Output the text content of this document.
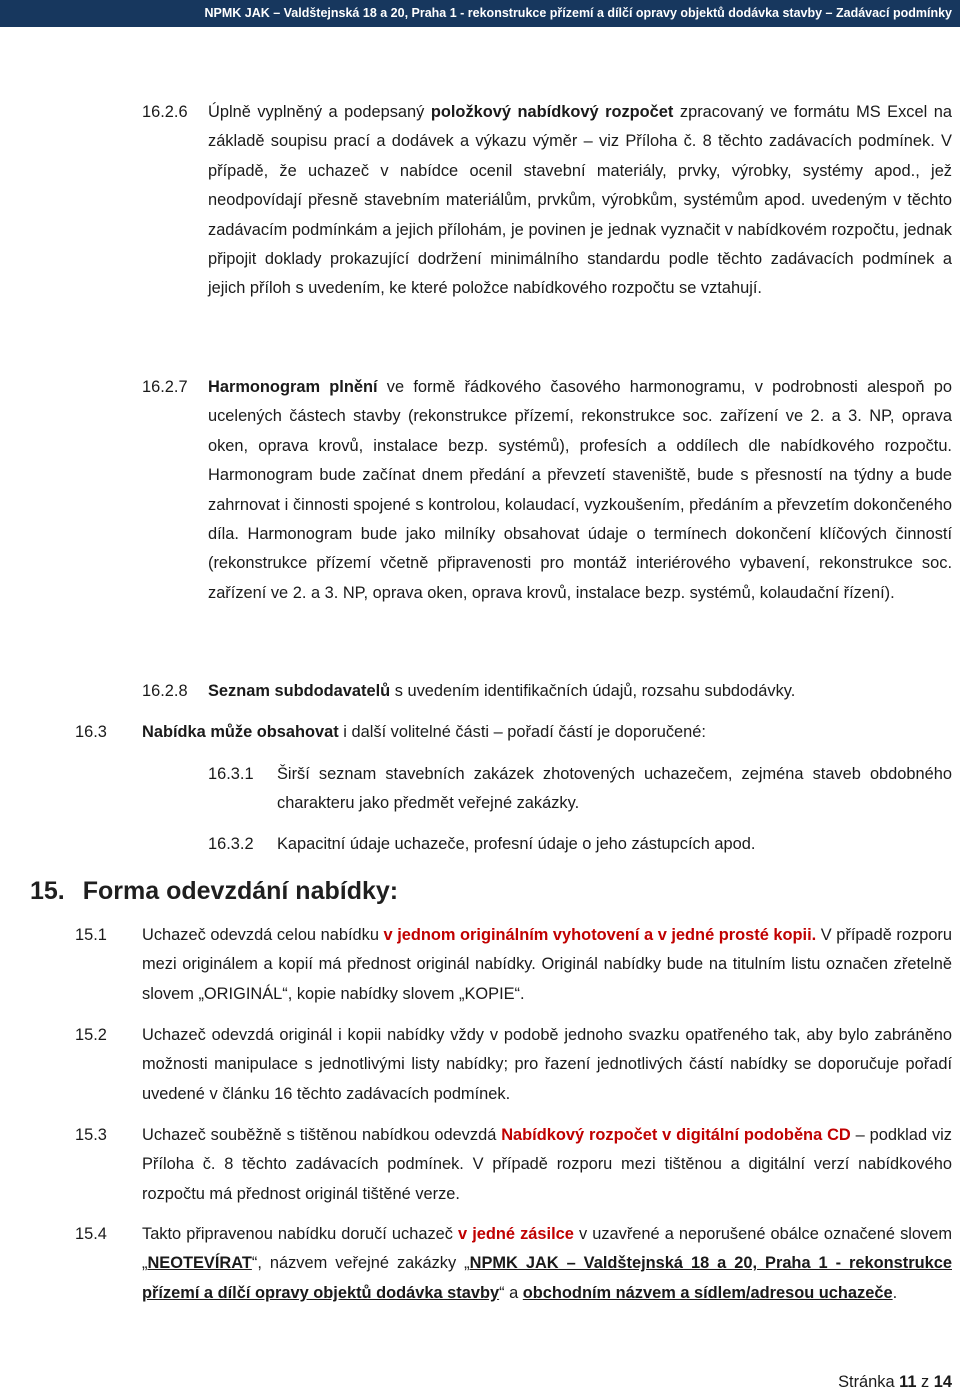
NPMK JAK – Valdštejnská 18 a 20, Praha 1 - rekonstrukce přízemí a dílčí opravy objektů dodávka stavby – Zadávací podmínky
16.2.6 Úplně vyplněný a podepsaný položkový nabídkový rozpočet zpracovaný ve formátu MS Excel na základě soupisu prací a dodávek a výkazu výměr – viz Příloha č. 8 těchto zadávacích podmínek. V případě, že uchazeč v nabídce ocenil stavební materiály, prvky, výrobky, systémy apod., jež neodpovídají přesně stavebním materiálům, prvkům, výrobkům, systémům apod. uvedeným v těchto zadávacím podmínkám a jejich přílohám, je povinen je jednak vyznačit v nabídkovém rozpočtu, jednak připojit doklady prokazující dodržení minimálního standardu podle těchto zadávacích podmínek a jejich příloh s uvedením, ke které položce nabídkového rozpočtu se vztahují.
16.2.7 Harmonogram plnění ve formě řádkového časového harmonogramu, v podrobnosti alespoň po ucelených částech stavby (rekonstrukce přízemí, rekonstrukce soc. zařízení ve 2. a 3. NP, oprava oken, oprava krovů, instalace bezp. systémů), profesích a oddílech dle nabídkového rozpočtu. Harmonogram bude začínat dnem předání a převzetí staveniště, bude s přesností na týdny a bude zahrnovat i činnosti spojené s kontrolou, kolaudací, vyzkoušením, předáním a převzetím dokončeného díla. Harmonogram bude jako milníky obsahovat údaje o termínech dokončení klíčových činností (rekonstrukce přízemí včetně připravenosti pro montáž interiérového vybavení, rekonstrukce soc. zařízení ve 2. a 3. NP, oprava oken, oprava krovů, instalace bezp. systémů, kolaudační řízení).
16.2.8 Seznam subdodavatelů s uvedením identifikačních údajů, rozsahu subdodávky.
16.3 Nabídka může obsahovat i další volitelné části – pořadí částí je doporučené:
16.3.1 Širší seznam stavebních zakázek zhotovených uchazečem, zejména staveb obdobného charakteru jako předmět veřejné zakázky.
16.3.2 Kapacitní údaje uchazeče, profesní údaje o jeho zástupcích apod.
15. Forma odevzdání nabídky:
15.1 Uchazeč odevzdá celou nabídku v jednom originálním vyhotovení a v jedné prosté kopii. V případě rozporu mezi originálem a kopií má přednost originál nabídky. Originál nabídky bude na titulním listu označen zřetelně slovem „ORIGINÁL“, kopie nabídky slovem „KOPIE“.
15.2 Uchazeč odevzdá originál i kopii nabídky vždy v podobě jednoho svazku opatřeného tak, aby bylo zabráněno možnosti manipulace s jednotlivými listy nabídky; pro řazení jednotlivých částí nabídky se doporučuje pořadí uvedené v článku 16 těchto zadávacích podmínek.
15.3 Uchazeč souběžně s tištěnou nabídkou odevzdá Nabídkový rozpočet v digitální podoběna CD – podklad viz Příloha č. 8 těchto zadávacích podmínek. V případě rozporu mezi tištěnou a digitální verzí nabídkového rozpočtu má přednost originál tištěné verze.
15.4 Takto připravenou nabídku doručí uchazeč v jedné zásilce v uzavřené a neporušené obálce označené slovem „NEOTEVÍRAT“, názvem veřejné zakázky „NPMK JAK – Valdštejnská 18 a 20, Praha 1 - rekonstrukce přízemí a dílčí opravy objektů dodávka stavby“ a obchodním názvem a sídlem/adresou uchazeče.
Stránka 11 z 14
